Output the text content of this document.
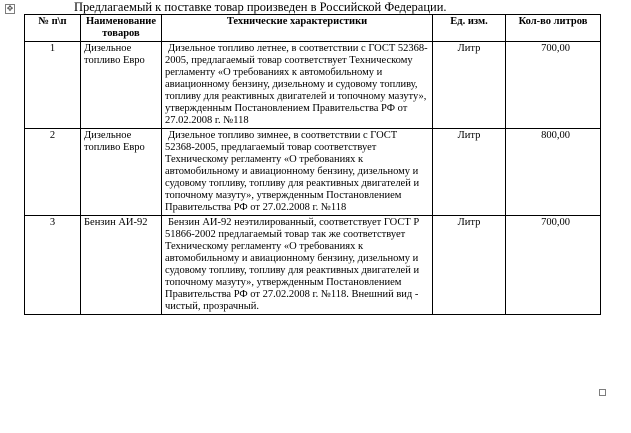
✥	Предлагаемый к поставке товар произведен в Российской Федерации.
№ п\п	Наименование товаров	Технические характеристики	Ед. изм.	Кол-во литров
1	Дизельное топливо Евро	Дизельное топливо летнее, в соответствии с ГОСТ 52368-2005, предлагаемый товар соответствует Техническому регламенту «О требованиях к автомобильному и авиационному бензину, дизельному и судовому топливу, топливу для реактивных двигателей и топочному мазуту», утвержденным Постановлением Правительства РФ от 27.02.2008 г. №118	Литр	700,00
2	Дизельное топливо Евро	Дизельное топливо зимнее, в соответствии с ГОСТ 52368-2005, предлагаемый товар соответствует Техническому регламенту «О требованиях к автомобильному и авиационному бензину, дизельному и судовому топливу, топливу для реактивных двигателей и топочному мазуту», утвержденным Постановлением Правительства РФ от 27.02.2008 г. №118	Литр	800,00
3	Бензин АИ-92	Бензин АИ-92 неэтилированный, соответствует ГОСТ Р 51866-2002 предлагаемый товар так же соответствует Техническому регламенту «О требованиях к автомобильному и авиационному бензину, дизельному и судовому топливу, топливу для реактивных двигателей и топочному мазуту», утвержденным Постановлением Правительства РФ от 27.02.2008 г. №118. Внешний вид - чистый, прозрачный.	Литр	700,00
